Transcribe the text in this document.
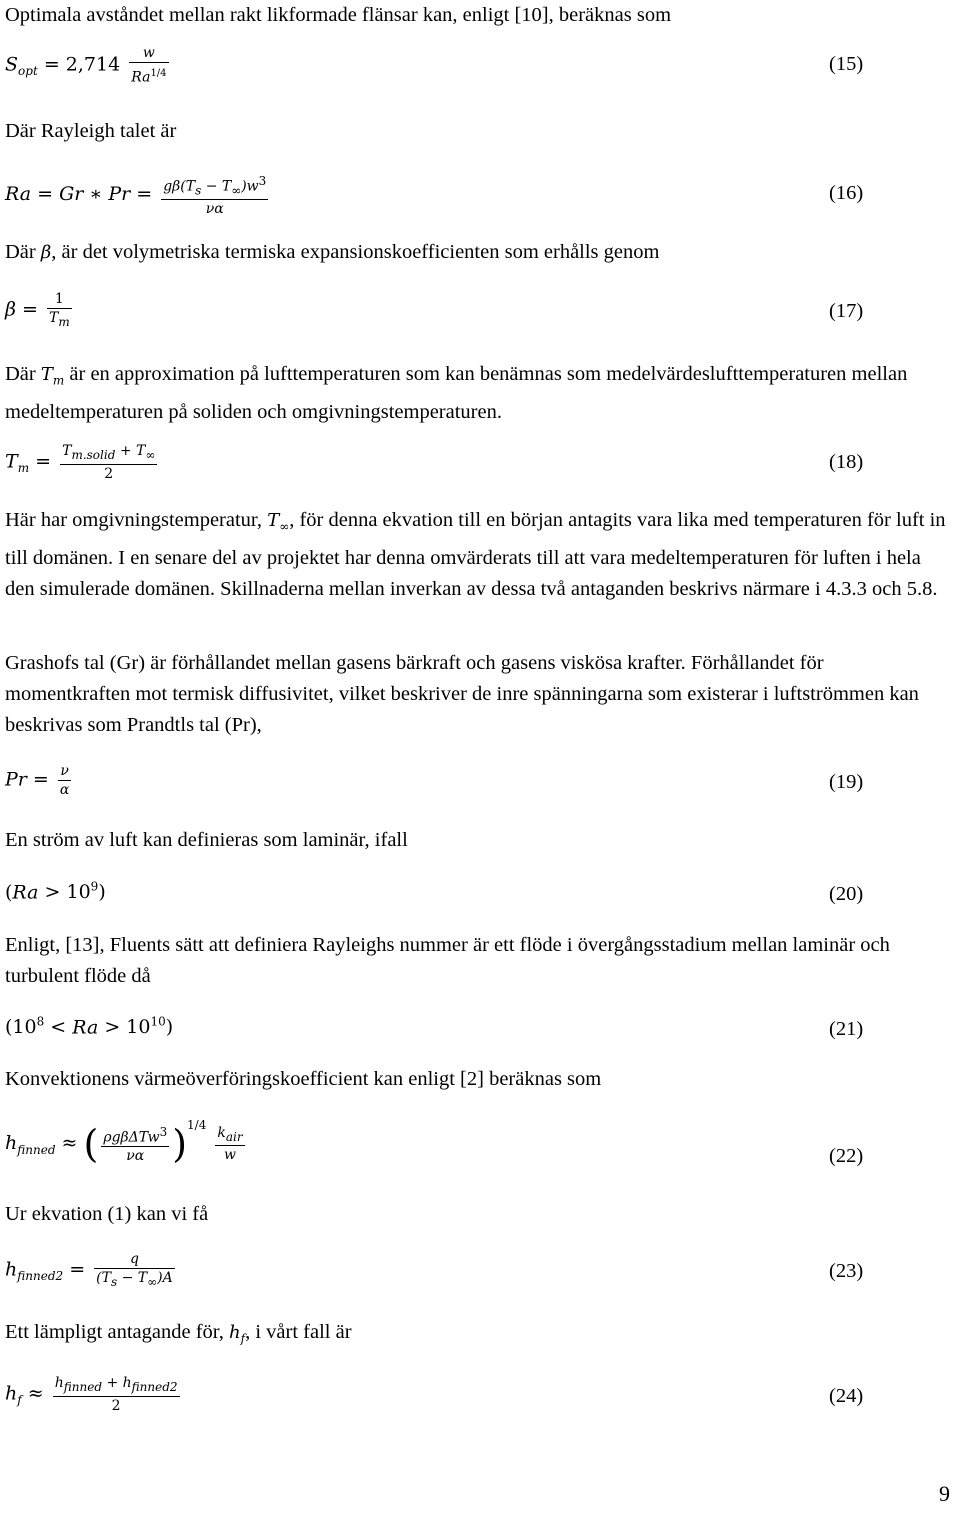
Optimala avståndet mellan rakt likformade flänsar kan, enligt [10], beräknas som
$S_{opt} = 2,714 \frac{w}{Ra^{1/4}}$	(15)
Där Rayleigh talet är
Ra = Gr ∗ $Pr = \frac{g\beta(T_s - T_\infty)w^3}{\nu\alpha}$	(16)
Där β, är det volymetriska termiska expansionskoefficienten som erhålls genom
$\beta = \frac{1}{T_m}$	(17)
Där $T_m$ är en approximation på lufttemperaturen som kan benämnas som medelvärdeslufttemperaturen mellan medeltemperaturen på soliden och omgivningstemperaturen.
$T_m = \frac{T_{m.solid} + T_\infty}{2}$	(18)
Här har omgivningstemperatur, $T_\infty$, för denna ekvation till en början antagits vara lika med temperaturen för luft in till domänen. I en senare del av projektet har denna omvärderats till att vara medeltemperaturen för luften i hela den simulerade domänen. Skillnaderna mellan inverkan av dessa två antaganden beskrivs närmare i 4.3.3 och 5.8.
Grashofs tal (Gr) är förhållandet mellan gasens bärkraft och gasens viskösa krafter. Förhållandet för momentkraften mot termisk diffusivitet, vilket beskriver de inre spänningarna som existerar i luftströmmen kan beskrivas som Prandtls tal (Pr),
$Pr = \frac{\nu}{\alpha}$	(19)
En ström av luft kan definieras som laminär, ifall
$(Ra > 10^9)$	(20)
Enligt, [13], Fluents sätt att definiera Rayleighs nummer är ett flöde i övergångsstadium mellan laminär och turbulent flöde då
$(10^8 < Ra > 10^{10})$	(21)
Konvektionens värmeöverföringskoefficient kan enligt [2] beräknas som
$h_{finned}$ ≈ ( $\frac{\rho g\beta\Delta Tw^3}{\nu\alpha} )^{1/4} \frac{k_{air}}{w}$	(22)
Ur ekvation (1) kan vi få
$h_{finned2} = \frac{q}{(T_s - T_\infty)A}$	(23)
Ett lämpligt antagande för, $h_f$, i vårt fall är
$h_f \approx \frac{h_{finned} + h_{finned2}}{2}$	(24)
9
